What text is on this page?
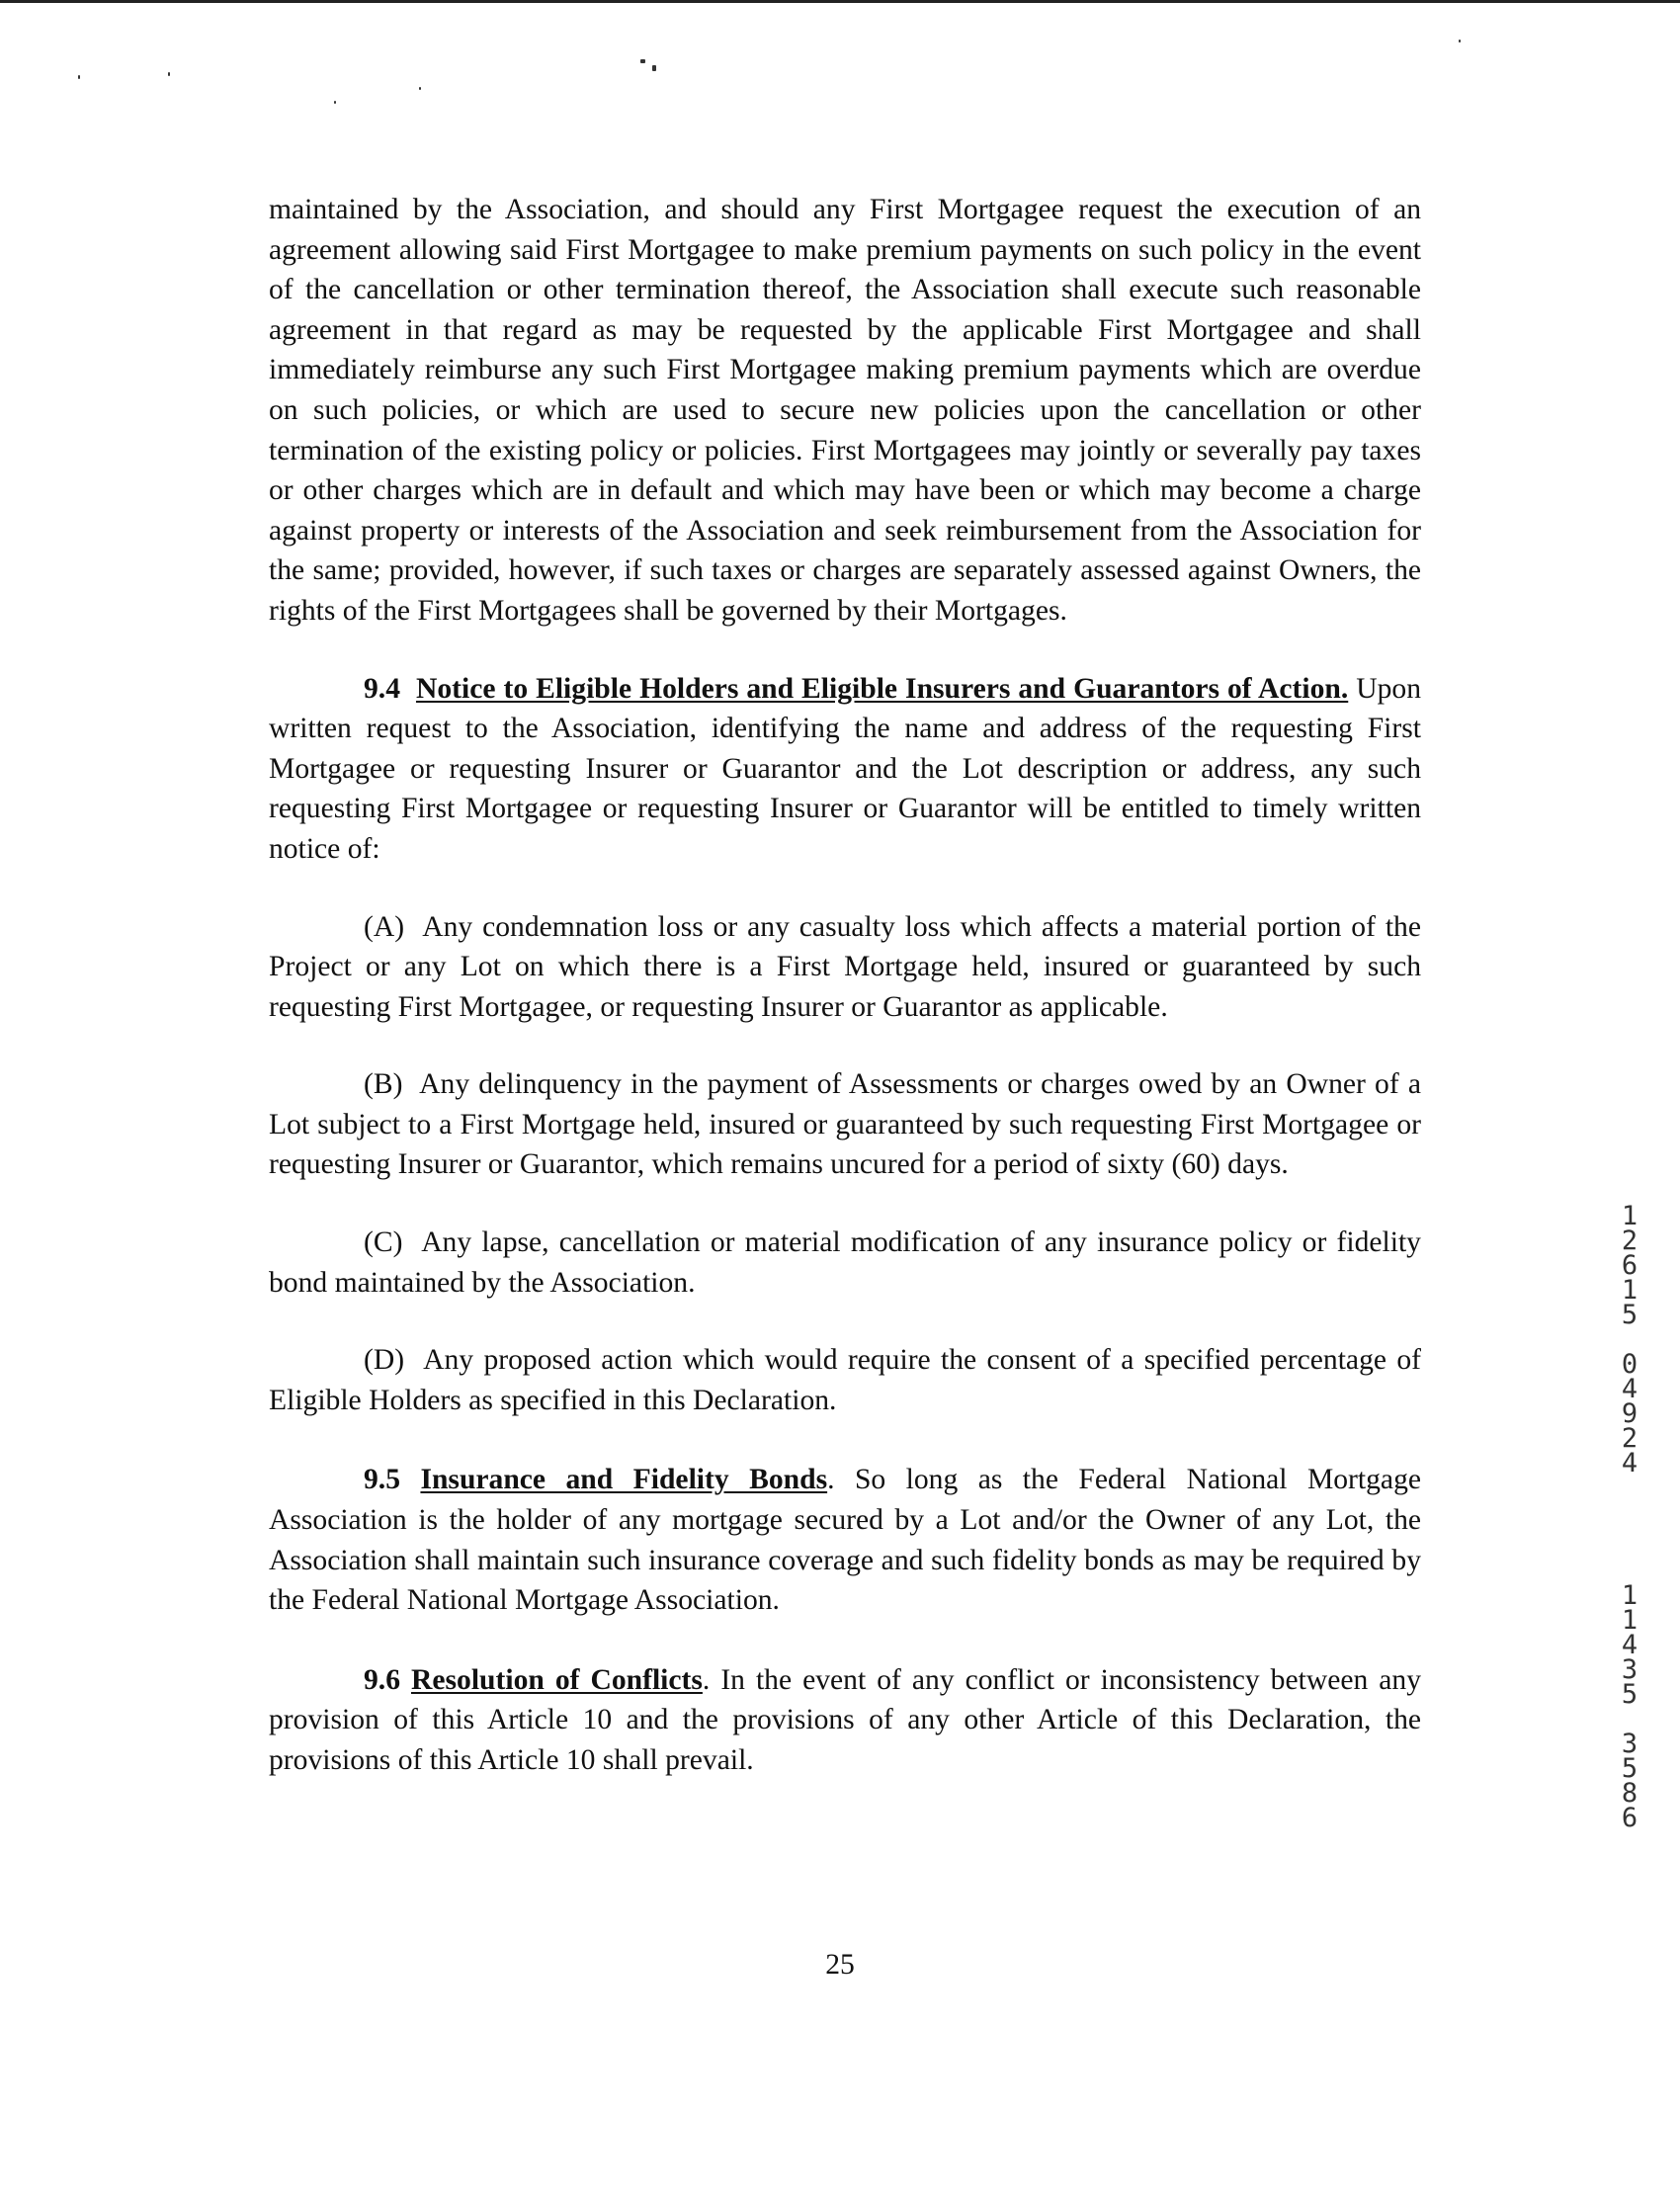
maintained by the Association, and should any First Mortgagee request the execution of an agreement allowing said First Mortgagee to make premium payments on such policy in the event of the cancellation or other termination thereof, the Association shall execute such reasonable agreement in that regard as may be requested by the applicable First Mortgagee and shall immediately reimburse any such First Mortgagee making premium payments which are overdue on such policies, or which are used to secure new policies upon the cancellation or other termination of the existing policy or policies. First Mortgagees may jointly or severally pay taxes or other charges which are in default and which may have been or which may become a charge against property or interests of the Association and seek reimbursement from the Association for the same; provided, however, if such taxes or charges are separately assessed against Owners, the rights of the First Mortgagees shall be governed by their Mortgages.

9.4 Notice to Eligible Holders and Eligible Insurers and Guarantors of Action. Upon written request to the Association, identifying the name and address of the requesting First Mortgagee or requesting Insurer or Guarantor and the Lot description or address, any such requesting First Mortgagee or requesting Insurer or Guarantor will be entitled to timely written notice of:

(A) Any condemnation loss or any casualty loss which affects a material portion of the Project or any Lot on which there is a First Mortgage held, insured or guaranteed by such requesting First Mortgagee, or requesting Insurer or Guarantor as applicable.

(B) Any delinquency in the payment of Assessments or charges owed by an Owner of a Lot subject to a First Mortgage held, insured or guaranteed by such requesting First Mortgagee or requesting Insurer or Guarantor, which remains uncured for a period of sixty (60) days.

(C) Any lapse, cancellation or material modification of any insurance policy or fidelity bond maintained by the Association.

(D) Any proposed action which would require the consent of a specified percentage of Eligible Holders as specified in this Declaration.

9.5 Insurance and Fidelity Bonds. So long as the Federal National Mortgage Association is the holder of any mortgage secured by a Lot and/or the Owner of any Lot, the Association shall maintain such insurance coverage and such fidelity bonds as may be required by the Federal National Mortgage Association.

9.6 Resolution of Conflicts. In the event of any conflict or inconsistency between any provision of this Article 10 and the provisions of any other Article of this Declaration, the provisions of this Article 10 shall prevail.

25
1
2
6
1
5

0
4
9
2
4
1
1
4
3
5

3
5
8
6
